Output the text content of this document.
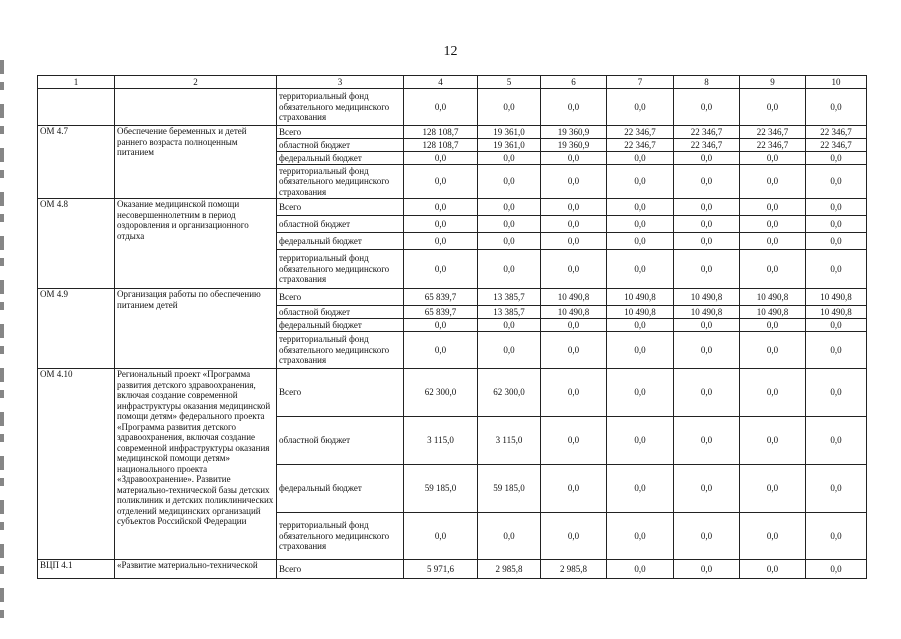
12
1	2	3	4	5	6	7	8	9	10
		территориальный фонд обязательного медицинского страхования	0,0	0,0	0,0	0,0	0,0	0,0	0,0
ОМ 4.7	Обеспечение беременных и детей раннего возраста полноценным питанием	Всего	128 108,7	19 361,0	19 360,9	22 346,7	22 346,7	22 346,7	22 346,7
		областной бюджет	128 108,7	19 361,0	19 360,9	22 346,7	22 346,7	22 346,7	22 346,7
		федеральный бюджет	0,0	0,0	0,0	0,0	0,0	0,0	0,0
		территориальный фонд обязательного медицинского страхования	0,0	0,0	0,0	0,0	0,0	0,0	0,0
ОМ 4.8	Оказание медицинской помощи несовершеннолетним в период оздоровления и организационного отдыха	Всего	0,0	0,0	0,0	0,0	0,0	0,0	0,0
		областной бюджет	0,0	0,0	0,0	0,0	0,0	0,0	0,0
		федеральный бюджет	0,0	0,0	0,0	0,0	0,0	0,0	0,0
		территориальный фонд обязательного медицинского страхования	0,0	0,0	0,0	0,0	0,0	0,0	0,0
ОМ 4.9	Организация работы по обеспечению питанием детей	Всего	65 839,7	13 385,7	10 490,8	10 490,8	10 490,8	10 490,8	10 490,8
		областной бюджет	65 839,7	13 385,7	10 490,8	10 490,8	10 490,8	10 490,8	10 490,8
		федеральный бюджет	0,0	0,0	0,0	0,0	0,0	0,0	0,0
		территориальный фонд обязательного медицинского страхования	0,0	0,0	0,0	0,0	0,0	0,0	0,0
ОМ 4.10	Региональный проект «Программа развития детского здравоохранения, включая создание современной инфраструктуры оказания медицинской помощи детям» федерального проекта «Программа развития детского здравоохранения, включая создание современной инфраструктуры оказания медицинской помощи детям» национального проекта «Здравоохранение». Развитие материально-технической базы детских поликлиник и детских поликлинических отделений медицинских организаций субъектов Российской Федерации	Всего	62 300,0	62 300,0	0,0	0,0	0,0	0,0	0,0
		областной бюджет	3 115,0	3 115,0	0,0	0,0	0,0	0,0	0,0
		федеральный бюджет	59 185,0	59 185,0	0,0	0,0	0,0	0,0	0,0
		территориальный фонд обязательного медицинского страхования	0,0	0,0	0,0	0,0	0,0	0,0	0,0
ВЦП 4.1	«Развитие материально-технической	Всего	5 971,6	2 985,8	2 985,8	0,0	0,0	0,0	0,0
